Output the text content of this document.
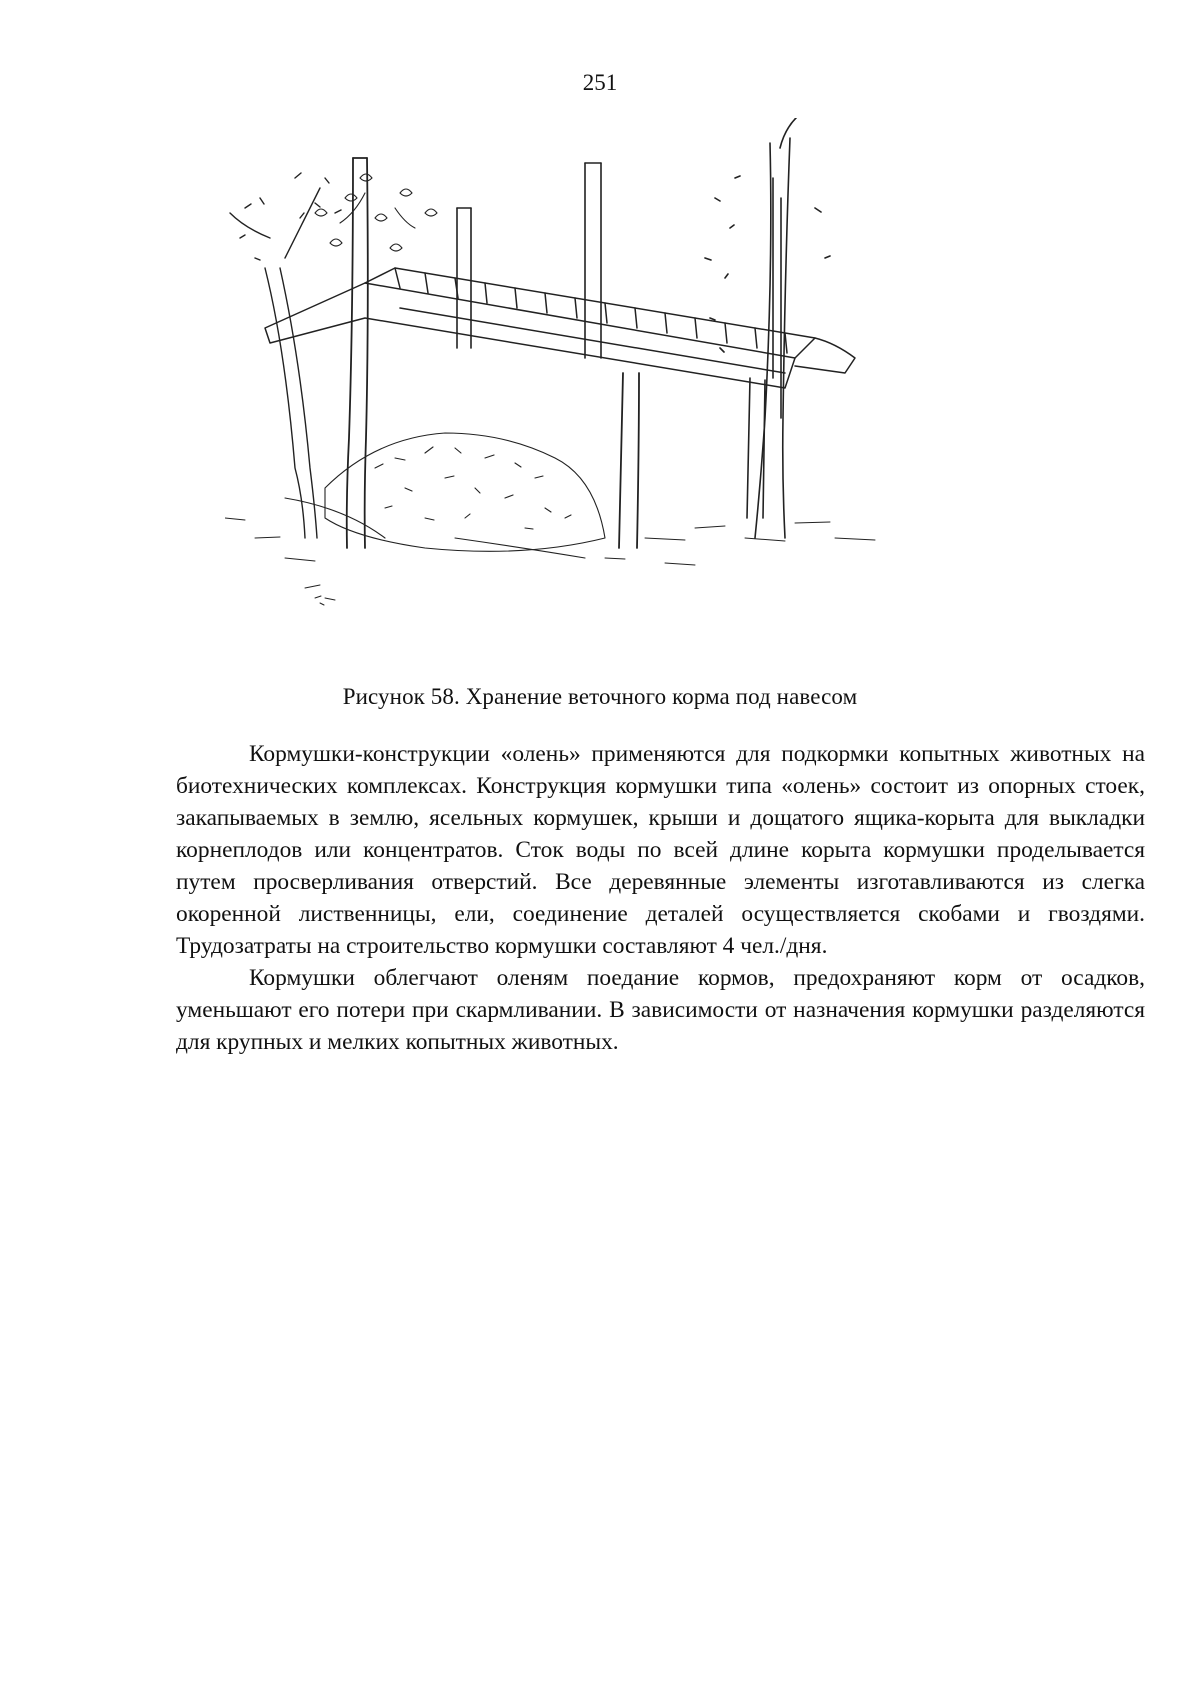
251
Рисунок 58. Хранение веточного корма под навесом

Кормушки-конструкции «олень» применяются для подкормки копытных животных на биотехнических комплексах. Конструкция кормушки типа «олень» состоит из опорных стоек, закапываемых в землю, ясельных кормушек, крыши и дощатого ящика-корыта для выкладки корнеплодов или концентратов. Сток воды по всей длине корыта кормушки проделывается путем просверливания отверстий. Все деревянные элементы изготавливаются из слегка окоренной лиственницы, ели, соединение деталей осуществляется скобами и гвоздями. Трудозатраты на строительство кормушки составляют 4 чел./дня.

Кормушки облегчают оленям поедание кормов, предохраняют корм от осадков, уменьшают его потери при скармливании. В зависимости от назначения кормушки разделяются для крупных и мелких копытных животных.
